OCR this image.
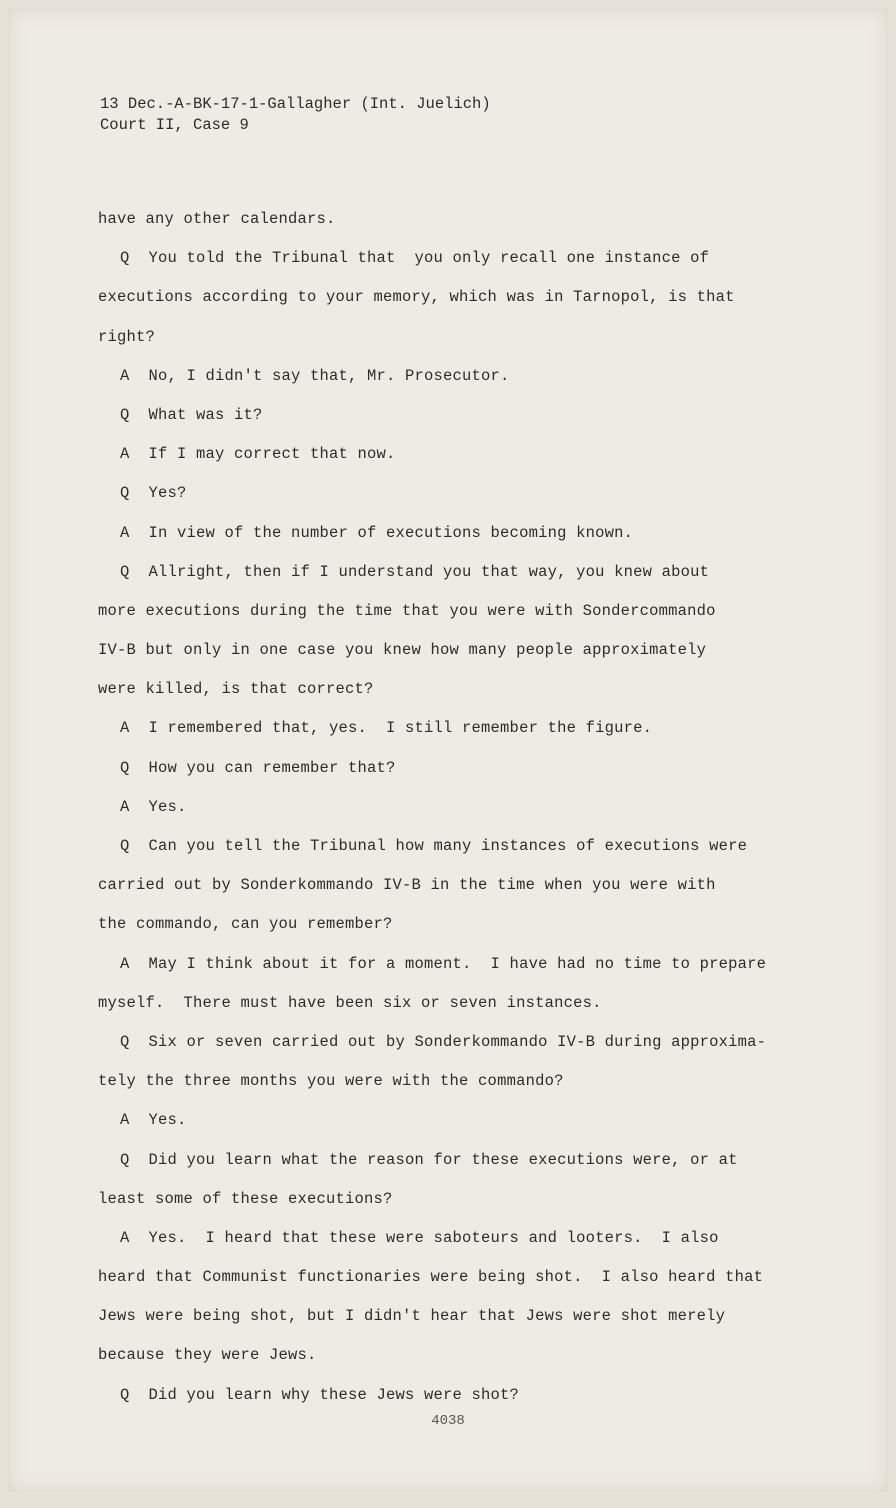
13 Dec.-A-BK-17-1-Gallagher (Int. Juelich)
Court II, Case 9
have any other calendars.
Q  You told the Tribunal that  you only recall one instance of
executions according to your memory, which was in Tarnopol, is that
right?
A  No, I didn't say that, Mr. Prosecutor.
Q  What was it?
A  If I may correct that now.
Q  Yes?
A  In view of the number of executions becoming known.
Q  Allright, then if I understand you that way, you knew about
more executions during the time that you were with Sondercommando
IV-B but only in one case you knew how many people approximately
were killed, is that correct?
A  I remembered that, yes.  I still remember the figure.
Q  How you can remember that?
A  Yes.
Q  Can you tell the Tribunal how many instances of executions were
carried out by Sonderkommando IV-B in the time when you were with
the commando, can you remember?
A  May I think about it for a moment.  I have had no time to prepare
myself.  There must have been six or seven instances.
Q  Six or seven carried out by Sonderkommando IV-B during approxima-
tely the three months you were with the commando?
A  Yes.
Q  Did you learn what the reason for these executions were, or at
least some of these executions?
A  Yes.  I heard that these were saboteurs and looters.  I also
heard that Communist functionaries were being shot.  I also heard that
Jews were being shot, but I didn't hear that Jews were shot merely
because they were Jews.
Q  Did you learn why these Jews were shot?
4038
